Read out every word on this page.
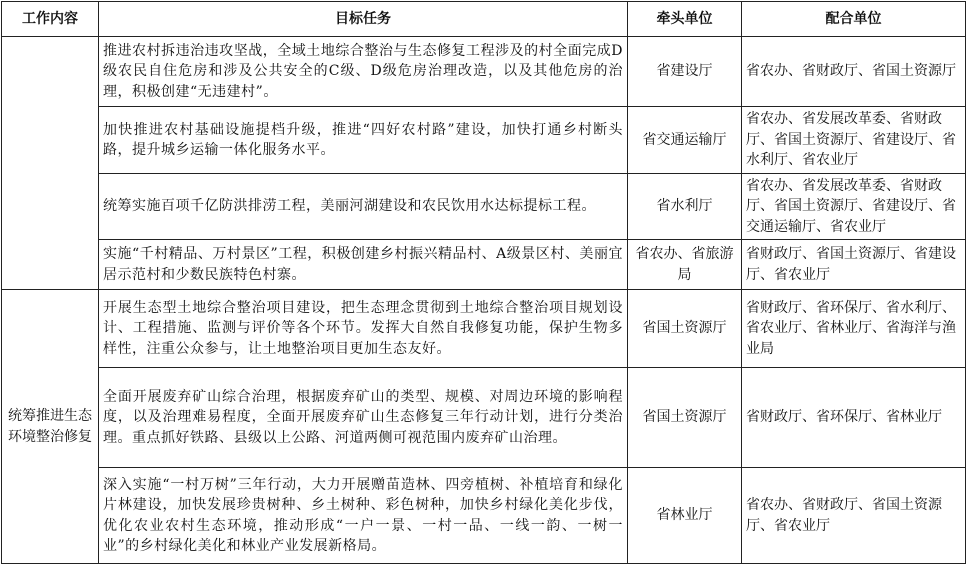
工作内容	目标任务	牵头单位	配合单位
	推进农村拆违治违攻坚战，全域土地综合整治与生态修复工程涉及的村全面完成D级农民自住危房和涉及公共安全的C级、D级危房治理改造，以及其他危房的治理，积极创建“无违建村”。	省建设厅	省农办、省财政厅、省国土资源厅
	加快推进农村基础设施提档升级，推进“四好农村路”建设，加快打通乡村断头路，提升城乡运输一体化服务水平。	省交通运输厅	省农办、省发展改革委、省财政厅、省国土资源厅、省建设厅、省水利厅、省农业厅
	统筹实施百项千亿防洪排涝工程，美丽河湖建设和农民饮用水达标提标工程。	省水利厅	省农办、省发展改革委、省财政厅、省国土资源厅、省建设厅、省交通运输厅、省农业厅
	实施“千村精品、万村景区”工程，积极创建乡村振兴精品村、A级景区村、美丽宜居示范村和少数民族特色村寨。	省农办、省旅游局	省财政厅、省国土资源厅、省建设厅、省农业厅
统筹推进生态环境整治修复	开展生态型土地综合整治项目建设，把生态理念贯彻到土地综合整治项目规划设计、工程措施、监测与评价等各个环节。发挥大自然自我修复功能，保护生物多样性，注重公众参与，让土地整治项目更加生态友好。	省国土资源厅	省财政厅、省环保厅、省水利厅、省农业厅、省林业厅、省海洋与渔业局
	全面开展废弃矿山综合治理，根据废弃矿山的类型、规模、对周边环境的影响程度，以及治理难易程度，全面开展废弃矿山生态修复三年行动计划，进行分类治理。重点抓好铁路、县级以上公路、河道两侧可视范围内废弃矿山治理。	省国土资源厅	省财政厅、省环保厅、省林业厅
	深入实施“一村万树”三年行动，大力开展赠苗造林、四旁植树、补植培育和绿化片林建设，加快发展珍贵树种、乡土树种、彩色树种，加快乡村绿化美化步伐，优化农业农村生态环境，推动形成“一户一景、一村一品、一线一韵、一树一业”的乡村绿化美化和林业产业发展新格局。	省林业厅	省农办、省财政厅、省国土资源厅、省农业厅
